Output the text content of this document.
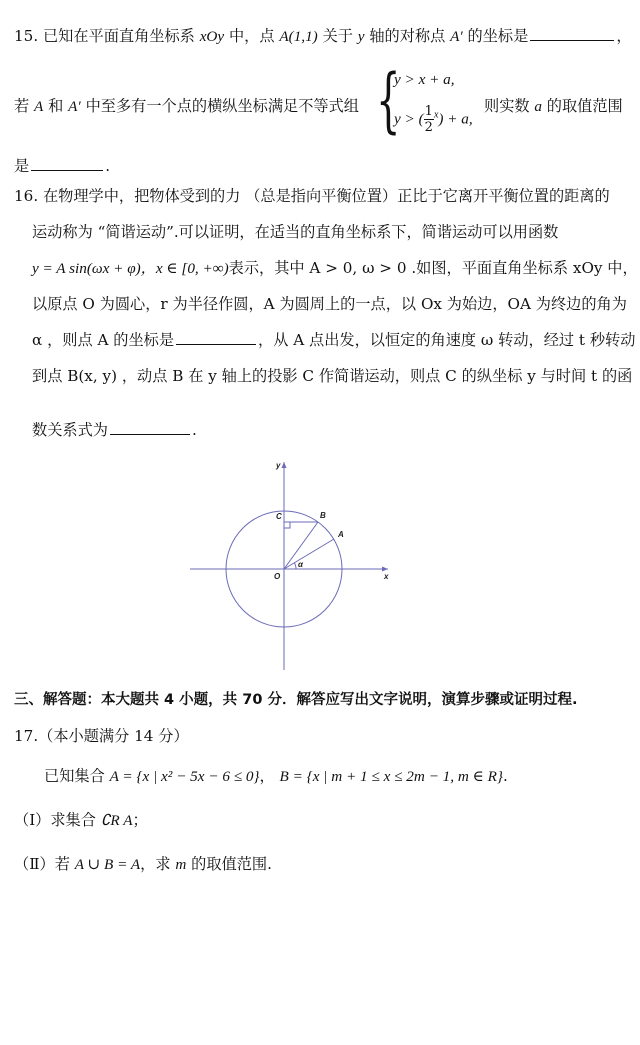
15. 已知在平面直角坐标系 xOy 中，点 A(1,1) 关于 y 轴的对称点 A′ 的坐标是	，
若 A 和 A′ 中至多有一个点的横纵坐标满足不等式组 {
y > x + a,
y > ( $\frac{1}{2} ^x) + a$,
则实数 a 的取值范围
是	.
16. 在物理学中，把物体受到的力 （总是指向平衡位置）正比于它离开平衡位置的距离的
运动称为 “简谐运动”.可以证明，在适当的直角坐标系下，简谐运动可以用函数
y = A sin(ωx + φ)，x ∈ [0, +∞)表示，其中 A > 0, ω > 0 .如图，平面直角坐标系 xOy 中，
以原点 O 为圆心，r 为半径作圆，A 为圆周上的一点，以 Ox 为始边，OA 为终边的角为
α ，则点 A 的坐标是	，从 A 点出发，以恒定的角速度 ω 转动，经过 t 秒转动
到点 B(x, y) ，动点 B 在 y 轴上的投影 C 作简谐运动，则点 C 的纵坐标 y 与时间 t 的函
数关系式为	.
y
x
O
A
B
C
α
三、解答题：本大题共 4 小题，共 70 分．解答应写出文字说明，演算步骤或证明过程.
17.（本小题满分 14 分）
已知集合 A = {x | x² − 5x − 6 ≤ 0}， B = {x | m + 1 ≤ x ≤ 2m − 1, m ∈ R}.
（Ⅰ）求集合 ∁R A；
（Ⅱ）若 A ∪ B = A，求 m 的取值范围.
